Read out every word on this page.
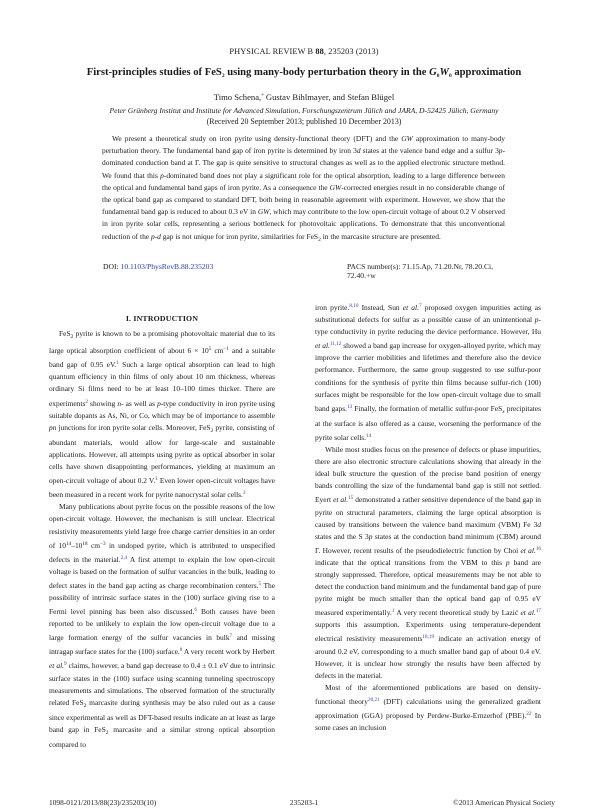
PHYSICAL REVIEW B 88, 235203 (2013)
First-principles studies of FeS$_2$ using many-body perturbation theory in the $G_0W_0$ approximation
Timo Schena,* Gustav Bihlmayer, and Stefan Blügel
Peter Grünberg Institut and Institute for Advanced Simulation, Forschungszentrum Jülich and JARA, D-52425 Jülich, Germany
(Received 20 September 2013; published 10 December 2013)
We present a theoretical study on iron pyrite using density-functional theory (DFT) and the GW approximation to many-body perturbation theory. The fundamental band gap of iron pyrite is determined by iron 3d states at the valence band edge and a sulfur 3p-dominated conduction band at Γ. The gap is quite sensitive to structural changes as well as to the applied electronic structure method. We found that this p-dominated band does not play a significant role for the optical absorption, leading to a large difference between the optical and fundamental band gaps of iron pyrite. As a consequence the GW-corrected energies result in no considerable change of the optical band gap as compared to standard DFT, both being in reasonable agreement with experiment. However, we show that the fundamental band gap is reduced to about 0.3 eV in GW, which may contribute to the low open-circuit voltage of about 0.2 V observed in iron pyrite solar cells, representing a serious bottleneck for photovoltaic applications. To demonstrate that this unconventional reduction of the p-d gap is not unique for iron pyrite, similarities for FeS$_2$ in the marcasite structure are presented.
DOI: 10.1103/PhysRevB.88.235203	PACS number(s): 71.15.Ap, 71.20.Nr, 78.20.Ci, 72.40.+w
I. INTRODUCTION

FeS$_2$ pyrite is known to be a promising photovoltaic material due to its large optical absorption coefficient of about $6 \times 10^5$ $cm^{-1}$ and a suitable band gap of 0.95 eV.$^1$ Such a large optical absorption can lead to high quantum efficiency in thin films of only about 10 nm thickness, whereas ordinary Si films need to be at least 10–100 times thicker. There are experiments$^2$ showing n- as well as p-type conductivity in iron pyrite using suitable dopants as As, Ni, or Co, which may be of importance to assemble pn junctions for iron pyrite solar cells. Moreover, FeS$_2$ pyrite, consisting of abundant materials, would allow for large-scale and sustainable applications. However, all attempts using pyrite as optical absorber in solar cells have shown disappointing performances, yielding at maximum an open-circuit voltage of about 0.2 V.$^1$ Even lower open-circuit voltages have been measured in a recent work for pyrite nanocrystal solar cells.$^3$

Many publications about pyrite focus on the possible reasons of the low open-circuit voltage. However, the mechanism is still unclear. Electrical resistivity measurements yield large free charge carrier densities in an order of $10^{14}-10^{18}$ $cm^{-3}$ in undoped pyrite, which is attributed to unspecified defects in the material.$^{2,4}$ A first attempt to explain the low open-circuit voltage is based on the formation of sulfur vacancies in the bulk, leading to defect states in the band gap acting as charge recombination centers.$^5$ The possibility of intrinsic surface states in the (100) surface giving rise to a Fermi level pinning has been also discussed.$^6$ Both causes have been reported to be unlikely to explain the low open-circuit voltage due to a large formation energy of the sulfur vacancies in bulk$^7$ and missing intragap surface states for the (100) surface.$^8$ A very recent work by Herbert et al.$^9$ claims, however, a band gap decrease to 0.4 ± 0.1 eV due to intrinsic surface states in the (100) surface using scanning tunneling spectroscopy measurements and simulations. The observed formation of the structurally related FeS$_2$ marcasite during synthesis may be also ruled out as a cause since experimental as well as DFT-based results indicate an at least as large band gap in FeS$_2$ marcasite and a similar strong optical absorption compared to

iron pyrite.$^{8,10}$ Instead, Sun et al.$^7$ proposed oxygen impurities acting as substitutional defects for sulfur as a possible cause of an unintentional p-type conductivity in pyrite reducing the device performance. However, Hu et al.$^{11,12}$ showed a band gap increase for oxygen-alloyed pyrite, which may improve the carrier mobilities and lifetimes and therefore also the device performance. Furthermore, the same group suggested to use sulfur-poor conditions for the synthesis of pyrite thin films because sulfur-rich (100) surfaces might be responsible for the low open-circuit voltage due to small band gaps.$^{13}$ Finally, the formation of metallic sulfur-poor FeS$_x$ precipitates at the surface is also offered as a cause, worsening the performance of the pyrite solar cells.$^{14}$

While most studies focus on the presence of defects or phase impurities, there are also electronic structure calculations showing that already in the ideal bulk structure the question of the precise band position of energy bands controlling the size of the fundamental band gap is still not settled. Eyert et al.$^{15}$ demonstrated a rather sensitive dependence of the band gap in pyrite on structural parameters, claiming the large optical absorption is caused by transitions between the valence band maximum (VBM) Fe 3d states and the S 3p states at the conduction band minimum (CBM) around Γ. However, recent results of the pseudodielectric function by Choi et al.$^{16}$ indicate that the optical transitions from the VBM to this p band are strongly suppressed. Therefore, optical measurements may be not able to detect the conduction band minimum and the fundamental band gap of pure pyrite might be much smaller than the optical band gap of 0.95 eV measured experimentally.$^1$ A very recent theoretical study by Lazić et al.$^{17}$ supports this assumption. Experiments using temperature-dependent electrical resistivity measurements$^{18,19}$ indicate an activation energy of around 0.2 eV, corresponding to a much smaller band gap of about 0.4 eV. However, it is unclear how strongly the results have been affected by defects in the material.

Most of the aforementioned publications are based on density-functional theory$^{20,21}$ (DFT) calculations using the generalized gradient approximation (GGA) proposed by Perdew-Burke-Ernzerhof (PBE).$^{22}$ In some cases an inclusion

1098-0121/2013/88(23)/235203(10)	235203-1	©2013 American Physical Society
